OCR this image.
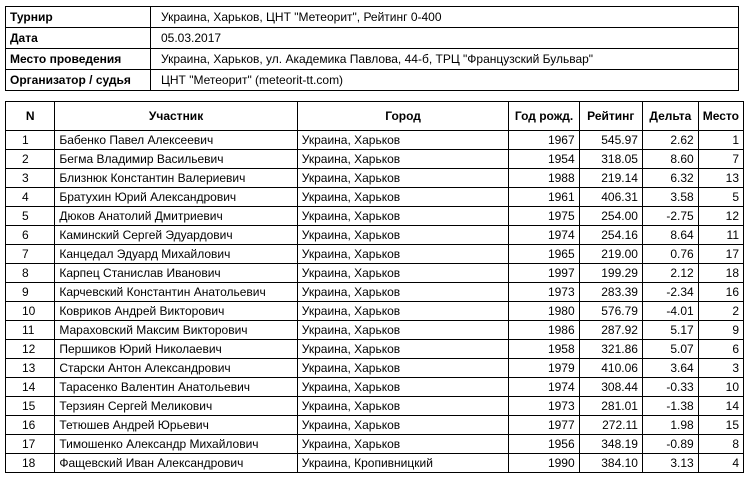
Турнир	Украина, Харьков, ЦНТ "Метеорит", Рейтинг 0-400
Дата	05.03.2017
Место проведения	Украина, Харьков, ул. Академика Павлова, 44-б, ТРЦ "Французский Бульвар"
Организатор / судья	ЦНТ "Метеорит" (meteorit-tt.com)
N	Участник	Город	Год рожд.	Рейтинг	Дельта	Место
1	Бабенко Павел Алексеевич	Украина, Харьков	1967	545.97	2.62	1
2	Бегма Владимир Васильевич	Украина, Харьков	1954	318.05	8.60	7
3	Близнюк Константин Валериевич	Украина, Харьков	1988	219.14	6.32	13
4	Братухин Юрий Александрович	Украина, Харьков	1961	406.31	3.58	5
5	Дюков Анатолий Дмитриевич	Украина, Харьков	1975	254.00	-2.75	12
6	Каминский Сергей Эдуардович	Украина, Харьков	1974	254.16	8.64	11
7	Канцедал Эдуард Михайлович	Украина, Харьков	1965	219.00	0.76	17
8	Карпец Станислав Иванович	Украина, Харьков	1997	199.29	2.12	18
9	Карчевский Константин Анатольевич	Украина, Харьков	1973	283.39	-2.34	16
10	Ковриков Андрей Викторович	Украина, Харьков	1980	576.79	-4.01	2
11	Мараховский Максим Викторович	Украина, Харьков	1986	287.92	5.17	9
12	Першиков Юрий Николаевич	Украина, Харьков	1958	321.86	5.07	6
13	Старски Антон Александрович	Украина, Харьков	1979	410.06	3.64	3
14	Тарасенко Валентин Анатольевич	Украина, Харьков	1974	308.44	-0.33	10
15	Терзиян Сергей Меликович	Украина, Харьков	1973	281.01	-1.38	14
16	Тетюшев Андрей Юрьевич	Украина, Харьков	1977	272.11	1.98	15
17	Тимошенко Александр Михайлович	Украина, Харьков	1956	348.19	-0.89	8
18	Фащевский Иван Александрович	Украина, Кропивницкий	1990	384.10	3.13	4
